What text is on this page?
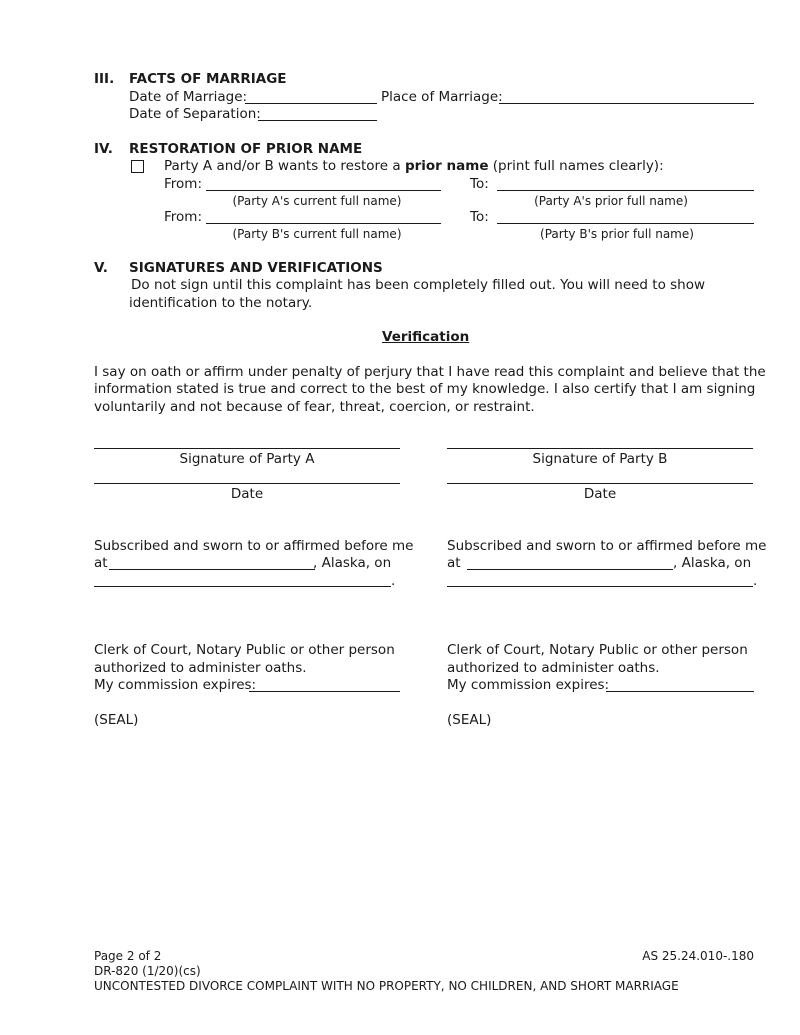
III. FACTS OF MARRIAGE
Date of Marriage:	Place of Marriage:
Date of Separation:
IV. RESTORATION OF PRIOR NAME
Party A and/or B wants to restore a prior name (print full names clearly):
From:	To:
(Party A's current full name)	(Party A's prior full name)
From:	To:
(Party B's current full name)	(Party B's prior full name)
V. SIGNATURES AND VERIFICATIONS
Do not sign until this complaint has been completely filled out. You will need to show
identification to the notary.
Verification
I say on oath or affirm under penalty of perjury that I have read this complaint and believe that the
information stated is true and correct to the best of my knowledge. I also certify that I am signing
voluntarily and not because of fear, threat, coercion, or restraint.
Signature of Party A	Signature of Party B
Date	Date
Subscribed and sworn to or affirmed before me
at	, Alaska, on
.
Clerk of Court, Notary Public or other person
authorized to administer oaths.
My commission expires:
(SEAL)
Subscribed and sworn to or affirmed before me
at	, Alaska, on
.
Clerk of Court, Notary Public or other person
authorized to administer oaths.
My commission expires:
(SEAL)
Page 2 of 2	AS 25.24.010-.180
DR-820 (1/20)(cs)
UNCONTESTED DIVORCE COMPLAINT WITH NO PROPERTY, NO CHILDREN, AND SHORT MARRIAGE
